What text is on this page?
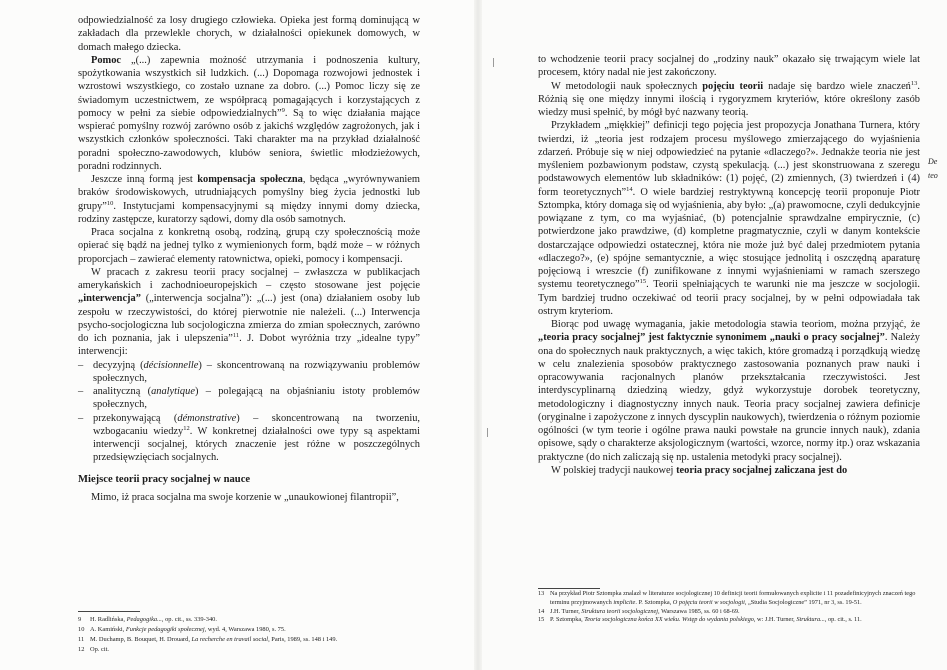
odpowiedzialność za losy drugiego człowieka. Opieka jest formą dominującą w zakładach dla przewlekle chorych, w działalności opiekunek domowych, w domach małego dziecka.

Pomoc „(...) zapewnia możność utrzymania i podnoszenia kultury, spożytkowania wszystkich sił ludzkich. (...) Dopomaga rozwojowi jednostek i wzrostowi wszystkiego, co zostało uznane za dobro. (...) Pomoc liczy się ze świadomym uczestnictwem, ze współpracą pomagających i korzystających z pomocy w pełni za siebie odpowiedzialnych”$^9$. Są to więc działania mające wspierać pomyślny rozwój zarówno osób z jakichś względów zagrożonych, jak i wszystkich członków społeczności. Taki charakter ma na przykład działalność poradni społeczno-zawodowych, klubów seniora, świetlic młodzieżowych, poradni rodzinnych.

Jeszcze inną formą jest kompensacja społeczna, będąca „wyrównywaniem braków środowiskowych, utrudniających pomyślny bieg życia jednostki lub grupy”$^{10}$. Instytucjami kompensacyjnymi są między innymi domy dziecka, rodziny zastępcze, kuratorzy sądowi, domy dla osób samotnych.

Praca socjalna z konkretną osobą, rodziną, grupą czy społecznością może opierać się bądź na jednej tylko z wymienionych form, bądź może – w różnych proporcjach – zawierać elementy ratownictwa, opieki, pomocy i kompensacji.

W pracach z zakresu teorii pracy socjalnej – zwłaszcza w publikacjach amerykańskich i zachodnioeuropejskich – często stosowane jest pojęcie „interwencja” („interwencja socjalna”): „(...) jest (ona) działaniem osoby lub zespołu w rzeczywistości, do której pierwotnie nie należeli. (...) Interwencja psycho-socjologiczna lub socjologiczna zmierza do zmian społecznych, zarówno do ich poznania, jak i ulepszenia”$^{11}$. J. Dobot wyróżnia trzy „idealne typy” interwencji:

– decyzyjną (décisionnelle) – skoncentrowaną na rozwiązywaniu problemów społecznych,
– analityczną (analytique) – polegającą na objaśnianiu istoty problemów społecznych,
– przekonywającą (démonstrative) – skoncentrowaną na tworzeniu, wzbogacaniu wiedzy$^{12}$. W konkretnej działalności owe typy są aspektami interwencji socjalnej, których znaczenie jest różne w poszczególnych przedsięwzięciach socjalnych.
Miejsce teorii pracy socjalnej w nauce

Mimo, iż praca socjalna ma swoje korzenie w „unaukowionej filantropii”,

9 H. Radlińska, Pedagogika..., op. cit., ss. 339-340.
10 A. Kamiński, Funkcje pedagogiki społecznej, wyd. 4, Warszawa 1980, s. 75.
11 M. Duchamp, B. Bouquet, H. Drouard, La recherche en travail social, Paris, 1989, ss. 148 i 149.
12 Op. cit.

to wchodzenie teorii pracy socjalnej do „rodziny nauk” okazało się trwającym wiele lat procesem, który nadal nie jest zakończony.

W metodologii nauk społecznych pojęciu teorii nadaje się bardzo wiele znaczeń$^{13}$. Różnią się one między innymi ilością i rygoryzmem kryteriów, które określony zasób wiedzy musi spełnić, by mógł być nazwany teorią.

Przykładem „miękkiej” definicji tego pojęcia jest propozycja Jonathana Turnera, który twierdzi, iż „teoria jest rodzajem procesu myślowego zmierzającego do wyjaśnienia zdarzeń. Próbuje się w niej odpowiedzieć na pytanie «dlaczego?». Jednakże teoria nie jest myśleniem pozbawionym podstaw, czystą spekulacją. (...) jest skonstruowana z szeregu podstawowych elementów lub składników: (1) pojęć, (2) zmiennych, (3) twierdzeń i (4) form teoretycznych”$^{14}$. O wiele bardziej restryktywną koncepcję teorii proponuje Piotr Sztompka, który domaga się od wyjaśnienia, aby było: „(a) prawomocne, czyli dedukcyjnie powiązane z tym, co ma wyjaśniać, (b) potencjalnie sprawdzalne empirycznie, (c) potwierdzone jako prawdziwe, (d) kompletne pragmatycznie, czyli w danym kontekście dostarczające odpowiedzi ostatecznej, która nie może już być dalej przedmiotem pytania «dlaczego?», (e) spójne semantycznie, a więc stosujące jednolitą i oszczędną aparaturę pojęciową i wreszcie (f) zunifikowane z innymi wyjaśnieniami w ramach szerszego systemu teoretycznego”$^{15}$. Teorii spełniających te warunki nie ma jeszcze w socjologii. Tym bardziej trudno oczekiwać od teorii pracy socjalnej, by w pełni odpowiadała tak ostrym kryteriom.

Biorąc pod uwagę wymagania, jakie metodologia stawia teoriom, można przyjąć, że „teoria pracy socjalnej” jest faktycznie synonimem „nauki o pracy socjalnej”. Należy ona do społecznych nauk praktycznych, a więc takich, które gromadzą i porządkują wiedzę w celu znalezienia sposobów praktycznego zastosowania poznanych praw nauki i opracowywania racjonalnych planów przekształcania rzeczywistości. Jest interdyscyplinarną dziedziną wiedzy, gdyż wykorzystuje dorobek teoretyczny, metodologiczny i diagnostyczny innych nauk. Teoria pracy socjalnej zawiera definicje (oryginalne i zapożyczone z innych dyscyplin naukowych), twierdzenia o różnym poziomie ogólności (w tym teorie i ogólne prawa nauki powstałe na gruncie innych nauk), zdania opisowe, sądy o charakterze aksjologicznym (wartości, wzorce, normy itp.) oraz wskazania praktyczne (do nich zaliczają się np. ustalenia metodyki pracy socjalnej).

W polskiej tradycji naukowej teoria pracy socjalnej zaliczana jest do

13 Na przykład Piotr Sztompka znalazł w literaturze socjologicznej 10 definicji teorii formułowanych explicite i 11 pozadefinicyjnych znaczeń tego terminu przyjmowanych implicite. P. Sztompka, O pojęciu teorii w socjologii, „Studia Socjologiczne” 1971, nr 3, ss. 19-51.
14 J.H. Turner, Struktura teorii socjologicznej, Warszawa 1985, ss. 60 i 68-69.
15 P. Sztompka, Teoria socjologiczna końca XX wieku. Wstęp do wydania polskiego, w: J.H. Turner, Struktura..., op. cit., s. 11.
De
teo
